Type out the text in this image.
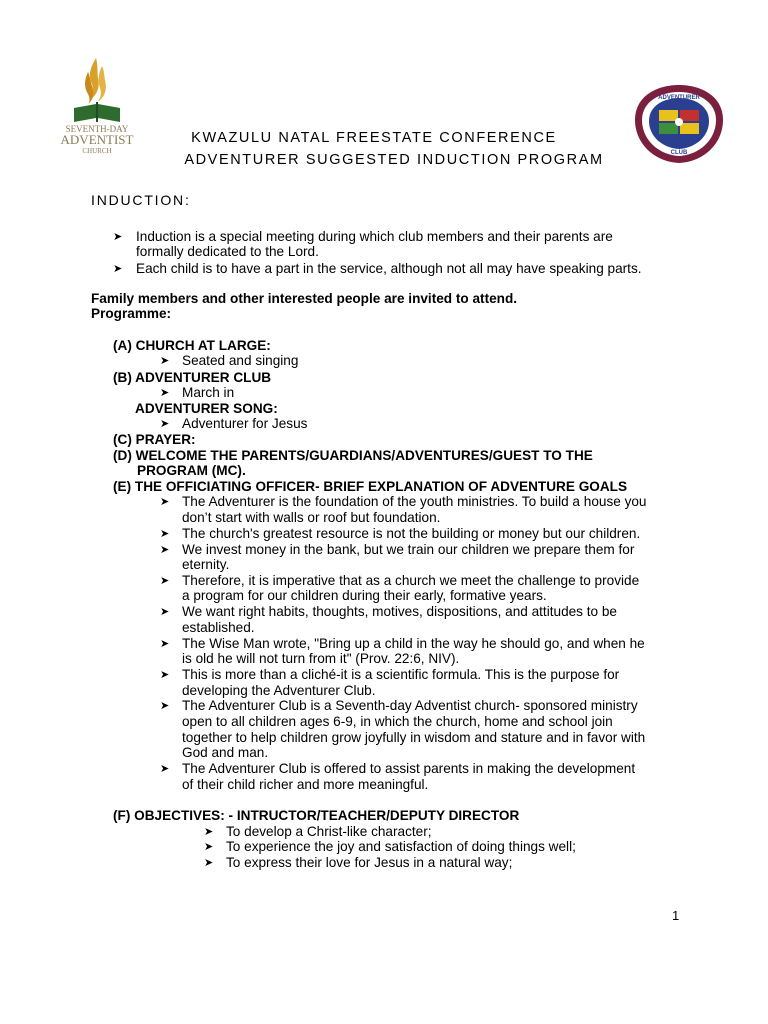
SEVENTH-DAY
ADVENTIST
CHURCH
ADVENTURER
CLUB
KWAZULU NATAL FREESTATE CONFERENCE
ADVENTURER SUGGESTED INDUCTION PROGRAM
INDUCTION:
➤ Induction is a special meeting during which club members and their parents are
formally dedicated to the Lord.
➤ Each child is to have a part in the service, although not all may have speaking parts.
Family members and other interested people are invited to attend.
Programme:
(A) CHURCH AT LARGE:
➤ Seated and singing
(B) ADVENTURER CLUB
➤ March in
ADVENTURER SONG:
➤ Adventurer for Jesus
(C) PRAYER:
(D) WELCOME THE PARENTS/GUARDIANS/ADVENTURES/GUEST TO THE
PROGRAM (MC).
(E) THE OFFICIATING OFFICER- BRIEF EXPLANATION OF ADVENTURE GOALS
➤ The Adventurer is the foundation of the youth ministries. To build a house you
don’t start with walls or roof but foundation.
➤ The church's greatest resource is not the building or money but our children.
➤ We invest money in the bank, but we train our children we prepare them for
eternity.
➤ Therefore, it is imperative that as a church we meet the challenge to provide
a program for our children during their early, formative years.
➤ We want right habits, thoughts, motives, dispositions, and attitudes to be
established.
➤ The Wise Man wrote, "Bring up a child in the way he should go, and when he
is old he will not turn from it" (Prov. 22:6, NIV).
➤ This is more than a cliché-it is a scientific formula. This is the purpose for
developing the Adventurer Club.
➤ The Adventurer Club is a Seventh-day Adventist church- sponsored ministry
open to all children ages 6-9, in which the church, home and school join
together to help children grow joyfully in wisdom and stature and in favor with
God and man.
➤ The Adventurer Club is offered to assist parents in making the development
of their child richer and more meaningful.
(F) OBJECTIVES: - INTRUCTOR/TEACHER/DEPUTY DIRECTOR
➤ To develop a Christ-like character;
➤ To experience the joy and satisfaction of doing things well;
➤ To express their love for Jesus in a natural way;
1
